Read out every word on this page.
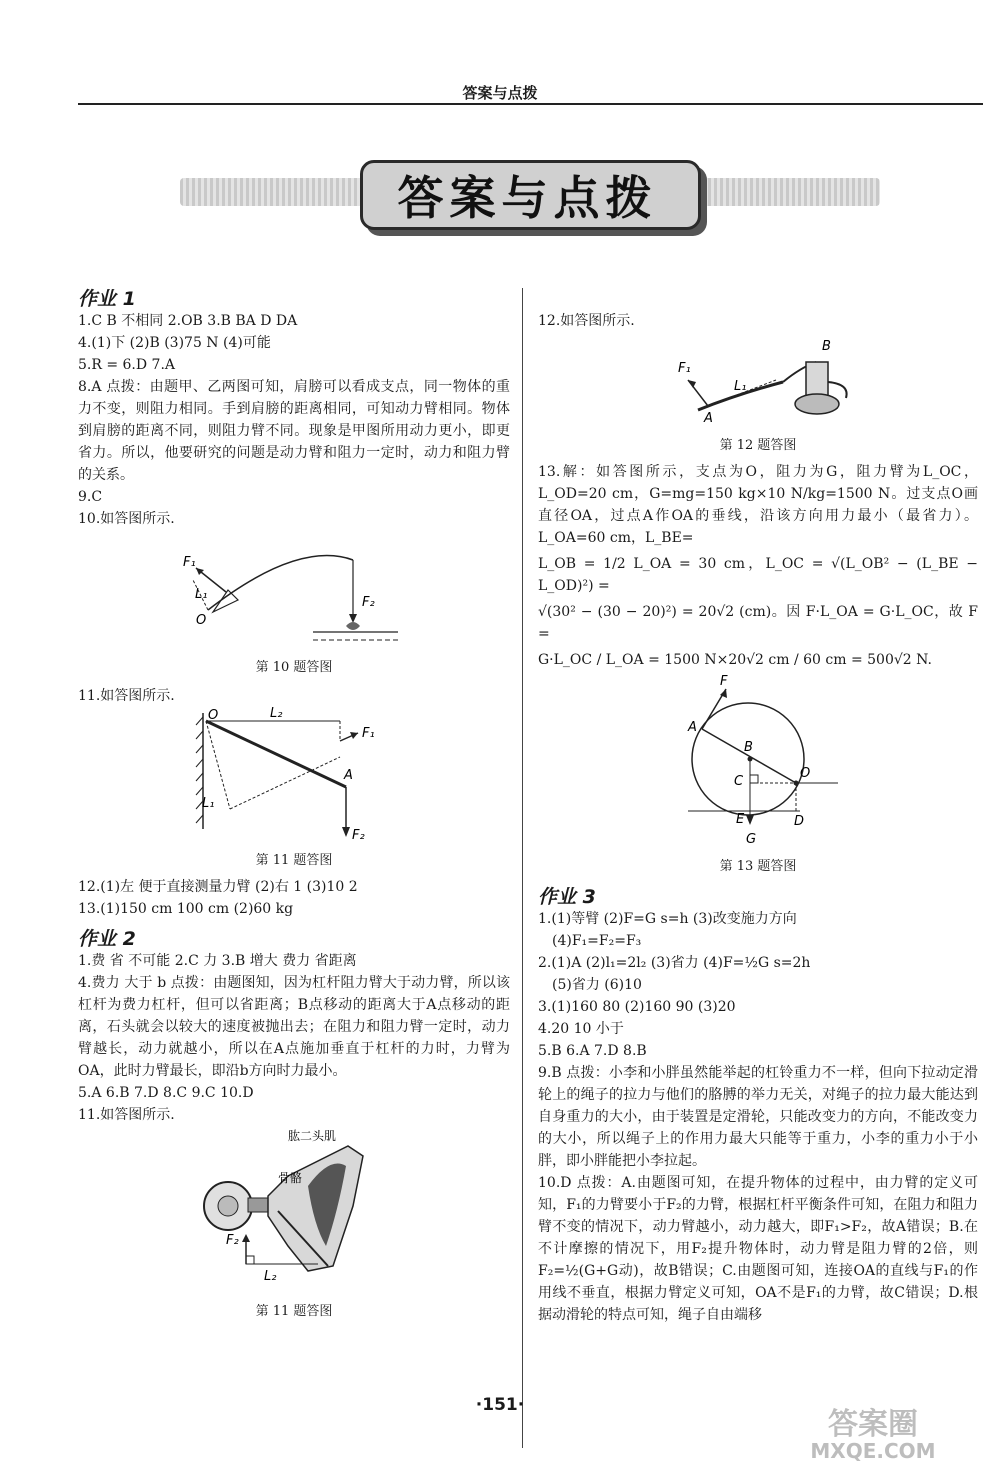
答案与点拨
答案与点拨
作业 1
1.C B 不相同 2.OB 3.B BA D DA
4.(1)下 (2)B (3)75 N (4)可能
5.R = 6.D 7.A
8.A 点拨：由题甲、乙两图可知，肩膀可以看成支点，同一物体的重力不变，则阻力相同。手到肩膀的距离相同，可知动力臂相同。物体到肩膀的距离不同，则阻力臂不同。现象是甲图所用动力更小，即更省力。所以，他要研究的问题是动力臂和阻力一定时，动力和阻力臂的关系。
9.C
10.如答图所示.
F₁
L₁
O
F₂
第 10 题答图
11.如答图所示.
O	L₂
F₁
A
L₁
F₂
第 11 题答图
12.(1)左 便于直接测量力臂 (2)右 1 (3)10 2
13.(1)150 cm 100 cm (2)60 kg
作业 2
1.费 省 不可能 2.C 力 3.B 增大 费力 省距离
4.费力 大于 b 点拨：由题图知，因为杠杆阻力臂大于动力臂，所以该杠杆为费力杠杆，但可以省距离；B点移动的距离大于A点移动的距离，石头就会以较大的速度被抛出去；在阻力和阻力臂一定时，动力臂越长，动力就越小，所以在A点施加垂直于杠杆的力时，力臂为OA，此时力臂最长，即沿b方向时力最小。
5.A 6.B 7.D 8.C 9.C 10.D
11.如答图所示.
肱二头肌
骨骼
F₂
L₂
第 11 题答图
12.如答图所示.
F₁
L₁
A
B
第 12 题答图
13.解：如答图所示，支点为O，阻力为G，阻力臂为L_OC，L_OD=20 cm，G=mg=150 kg×10 N/kg=1500 N。过支点O画直径OA，过点A作OA的垂线，沿该方向用力最小（最省力）。L_OA=60 cm，L_BE=
L_OB = 1/2 L_OA = 30 cm，L_OC = √(L_OB² − (L_BE − L_OD)²) =
√(30² − (30 − 20)²) = 20√2 (cm)。因 F·L_OA = G·L_OC，故 F =
G·L_OC / L_OA = 1500 N×20√2 cm / 60 cm = 500√2 N.
F
A
B
C
O
E	D
G
第 13 题答图
作业 3
1.(1)等臂 (2)F=G s=h (3)改变施力方向
(4)F₁=F₂=F₃
2.(1)A (2)l₁=2l₂ (3)省力 (4)F=½G s=2h
(5)省力 (6)10
3.(1)160 80 (2)160 90 (3)20
4.20 10 小于
5.B 6.A 7.D 8.B
9.B 点拨：小李和小胖虽然能举起的杠铃重力不一样，但向下拉动定滑轮上的绳子的拉力与他们的胳膊的举力无关，对绳子的拉力最大能达到自身重力的大小，由于装置是定滑轮，只能改变力的方向，不能改变力的大小，所以绳子上的作用力最大只能等于重力，小李的重力小于小胖，即小胖能把小李拉起。
10.D 点拨：A.由题图可知，在提升物体的过程中，由力臂的定义可知，F₁的力臂要小于F₂的力臂，根据杠杆平衡条件可知，在阻力和阻力臂不变的情况下，动力臂越小，动力越大，即F₁>F₂，故A错误；B.在不计摩擦的情况下，用F₂提升物体时，动力臂是阻力臂的2倍，则F₂=½(G+G动)，故B错误；C.由题图可知，连接OA的直线与F₁的作用线不垂直，根据力臂定义可知，OA不是F₁的力臂，故C错误；D.根据动滑轮的特点可知，绳子自由端移
·151·
答案圈
MXQE.COM
